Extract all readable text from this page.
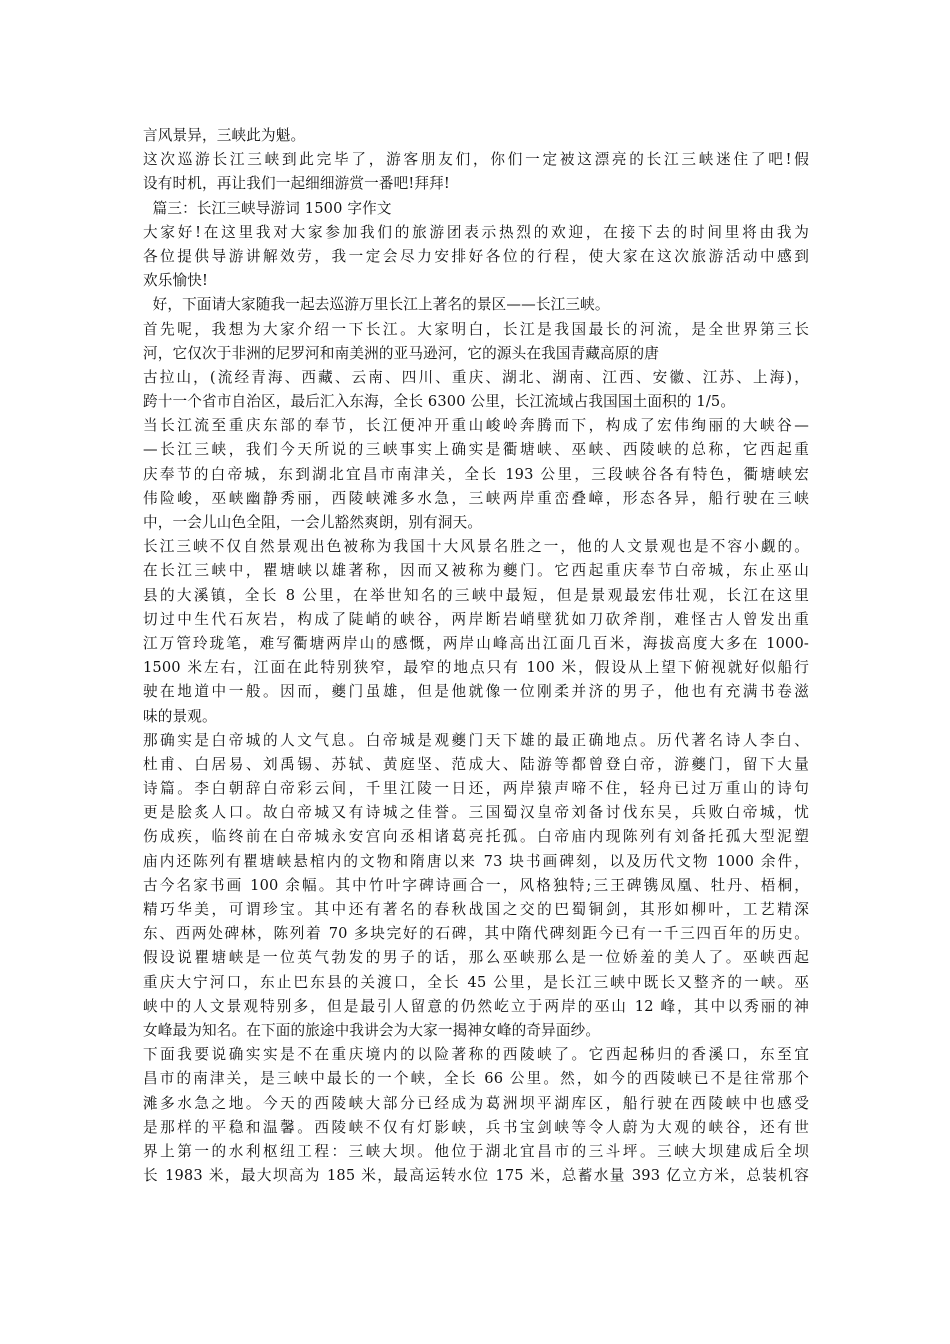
言风景异，三峡此为魁。
这次巡游长江三峡到此完毕了，游客朋友们，你们一定被这漂亮的长江三峡迷住了吧!假
设有时机，再让我们一起细细游赏一番吧!拜拜!
篇三：长江三峡导游词 1500 字作文
大家好!在这里我对大家参加我们的旅游团表示热烈的欢迎，在接下去的时间里将由我为
各位提供导游讲解效劳，我一定会尽力安排好各位的行程，使大家在这次旅游活动中感到
欢乐愉快!
好，下面请大家随我一起去巡游万里长江上著名的景区——长江三峡。
首先呢，我想为大家介绍一下长江。大家明白，长江是我国最长的河流，是全世界第三长
河，它仅次于非洲的尼罗河和南美洲的亚马逊河，它的源头在我国青藏高原的唐
古拉山，(流经青海、西藏、云南、四川、重庆、湖北、湖南、江西、安徽、江苏、上海)，
跨十一个省市自治区，最后汇入东海，全长 6300 公里，长江流域占我国国土面积的 1/5。
当长江流至重庆东部的奉节，长江便冲开重山峻岭奔腾而下，构成了宏伟绚丽的大峡谷—
—长江三峡，我们今天所说的三峡事实上确实是衢塘峡、巫峡、西陵峡的总称，它西起重
庆奉节的白帝城，东到湖北宜昌市南津关，全长 193 公里，三段峡谷各有特色，衢塘峡宏
伟险峻，巫峡幽静秀丽，西陵峡滩多水急，三峡两岸重峦叠嶂，形态各异，船行驶在三峡
中，一会儿山色全阻，一会儿豁然爽朗，别有洞天。
长江三峡不仅自然景观出色被称为我国十大风景名胜之一，他的人文景观也是不容小觑的。
在长江三峡中，瞿塘峡以雄著称，因而又被称为夔门。它西起重庆奉节白帝城，东止巫山
县的大溪镇，全长 8 公里，在举世知名的三峡中最短，但是景观最宏伟壮观，长江在这里
切过中生代石灰岩，构成了陡峭的峡谷，两岸断岩峭壁犹如刀砍斧削，难怪古人曾发出重
江万管玲珑笔，难写衢塘两岸山的感慨，两岸山峰高出江面几百米，海拔高度大多在 1000-
1500 米左右，江面在此特别狭窄，最窄的地点只有 100 米，假设从上望下俯视就好似船行
驶在地道中一般。因而，夔门虽雄，但是他就像一位刚柔并济的男子，他也有充满书卷滋
味的景观。
那确实是白帝城的人文气息。白帝城是观夔门天下雄的最正确地点。历代著名诗人李白、
杜甫、白居易、刘禹锡、苏轼、黄庭坚、范成大、陆游等都曾登白帝，游夔门，留下大量
诗篇。李白朝辞白帝彩云间，千里江陵一日还，两岸猿声啼不住，轻舟已过万重山的诗句
更是脍炙人口。故白帝城又有诗城之佳誉。三国蜀汉皇帝刘备讨伐东吴，兵败白帝城，忧
伤成疾，临终前在白帝城永安宫向丞相诸葛亮托孤。白帝庙内现陈列有刘备托孤大型泥塑
庙内还陈列有瞿塘峡悬棺内的文物和隋唐以来 73 块书画碑刻，以及历代文物 1000 余件，
古今名家书画 100 余幅。其中竹叶字碑诗画合一，风格独特;三王碑镌凤凰、牡丹、梧桐，
精巧华美，可谓珍宝。其中还有著名的春秋战国之交的巴蜀铜剑，其形如柳叶，工艺精深
东、西两处碑林，陈列着 70 多块完好的石碑，其中隋代碑刻距今已有一千三四百年的历史。
假设说瞿塘峡是一位英气勃发的男子的话，那么巫峡那么是一位娇羞的美人了。巫峡西起
重庆大宁河口，东止巴东县的关渡口，全长 45 公里，是长江三峡中既长又整齐的一峡。巫
峡中的人文景观特别多，但是最引人留意的仍然屹立于两岸的巫山 12 峰，其中以秀丽的神
女峰最为知名。在下面的旅途中我讲会为大家一揭神女峰的奇异面纱。
下面我要说确实实是不在重庆境内的以险著称的西陵峡了。它西起秭归的香溪口，东至宜
昌市的南津关，是三峡中最长的一个峡，全长 66 公里。然，如今的西陵峡已不是往常那个
滩多水急之地。今天的西陵峡大部分已经成为葛洲坝平湖库区，船行驶在西陵峡中也感受
是那样的平稳和温馨。西陵峡不仅有灯影峡，兵书宝剑峡等令人蔚为大观的峡谷，还有世
界上第一的水利枢纽工程：三峡大坝。他位于湖北宜昌市的三斗坪。三峡大坝建成后全坝
长 1983 米，最大坝高为 185 米，最高运转水位 175 米，总蓄水量 393 亿立方米，总装机容
